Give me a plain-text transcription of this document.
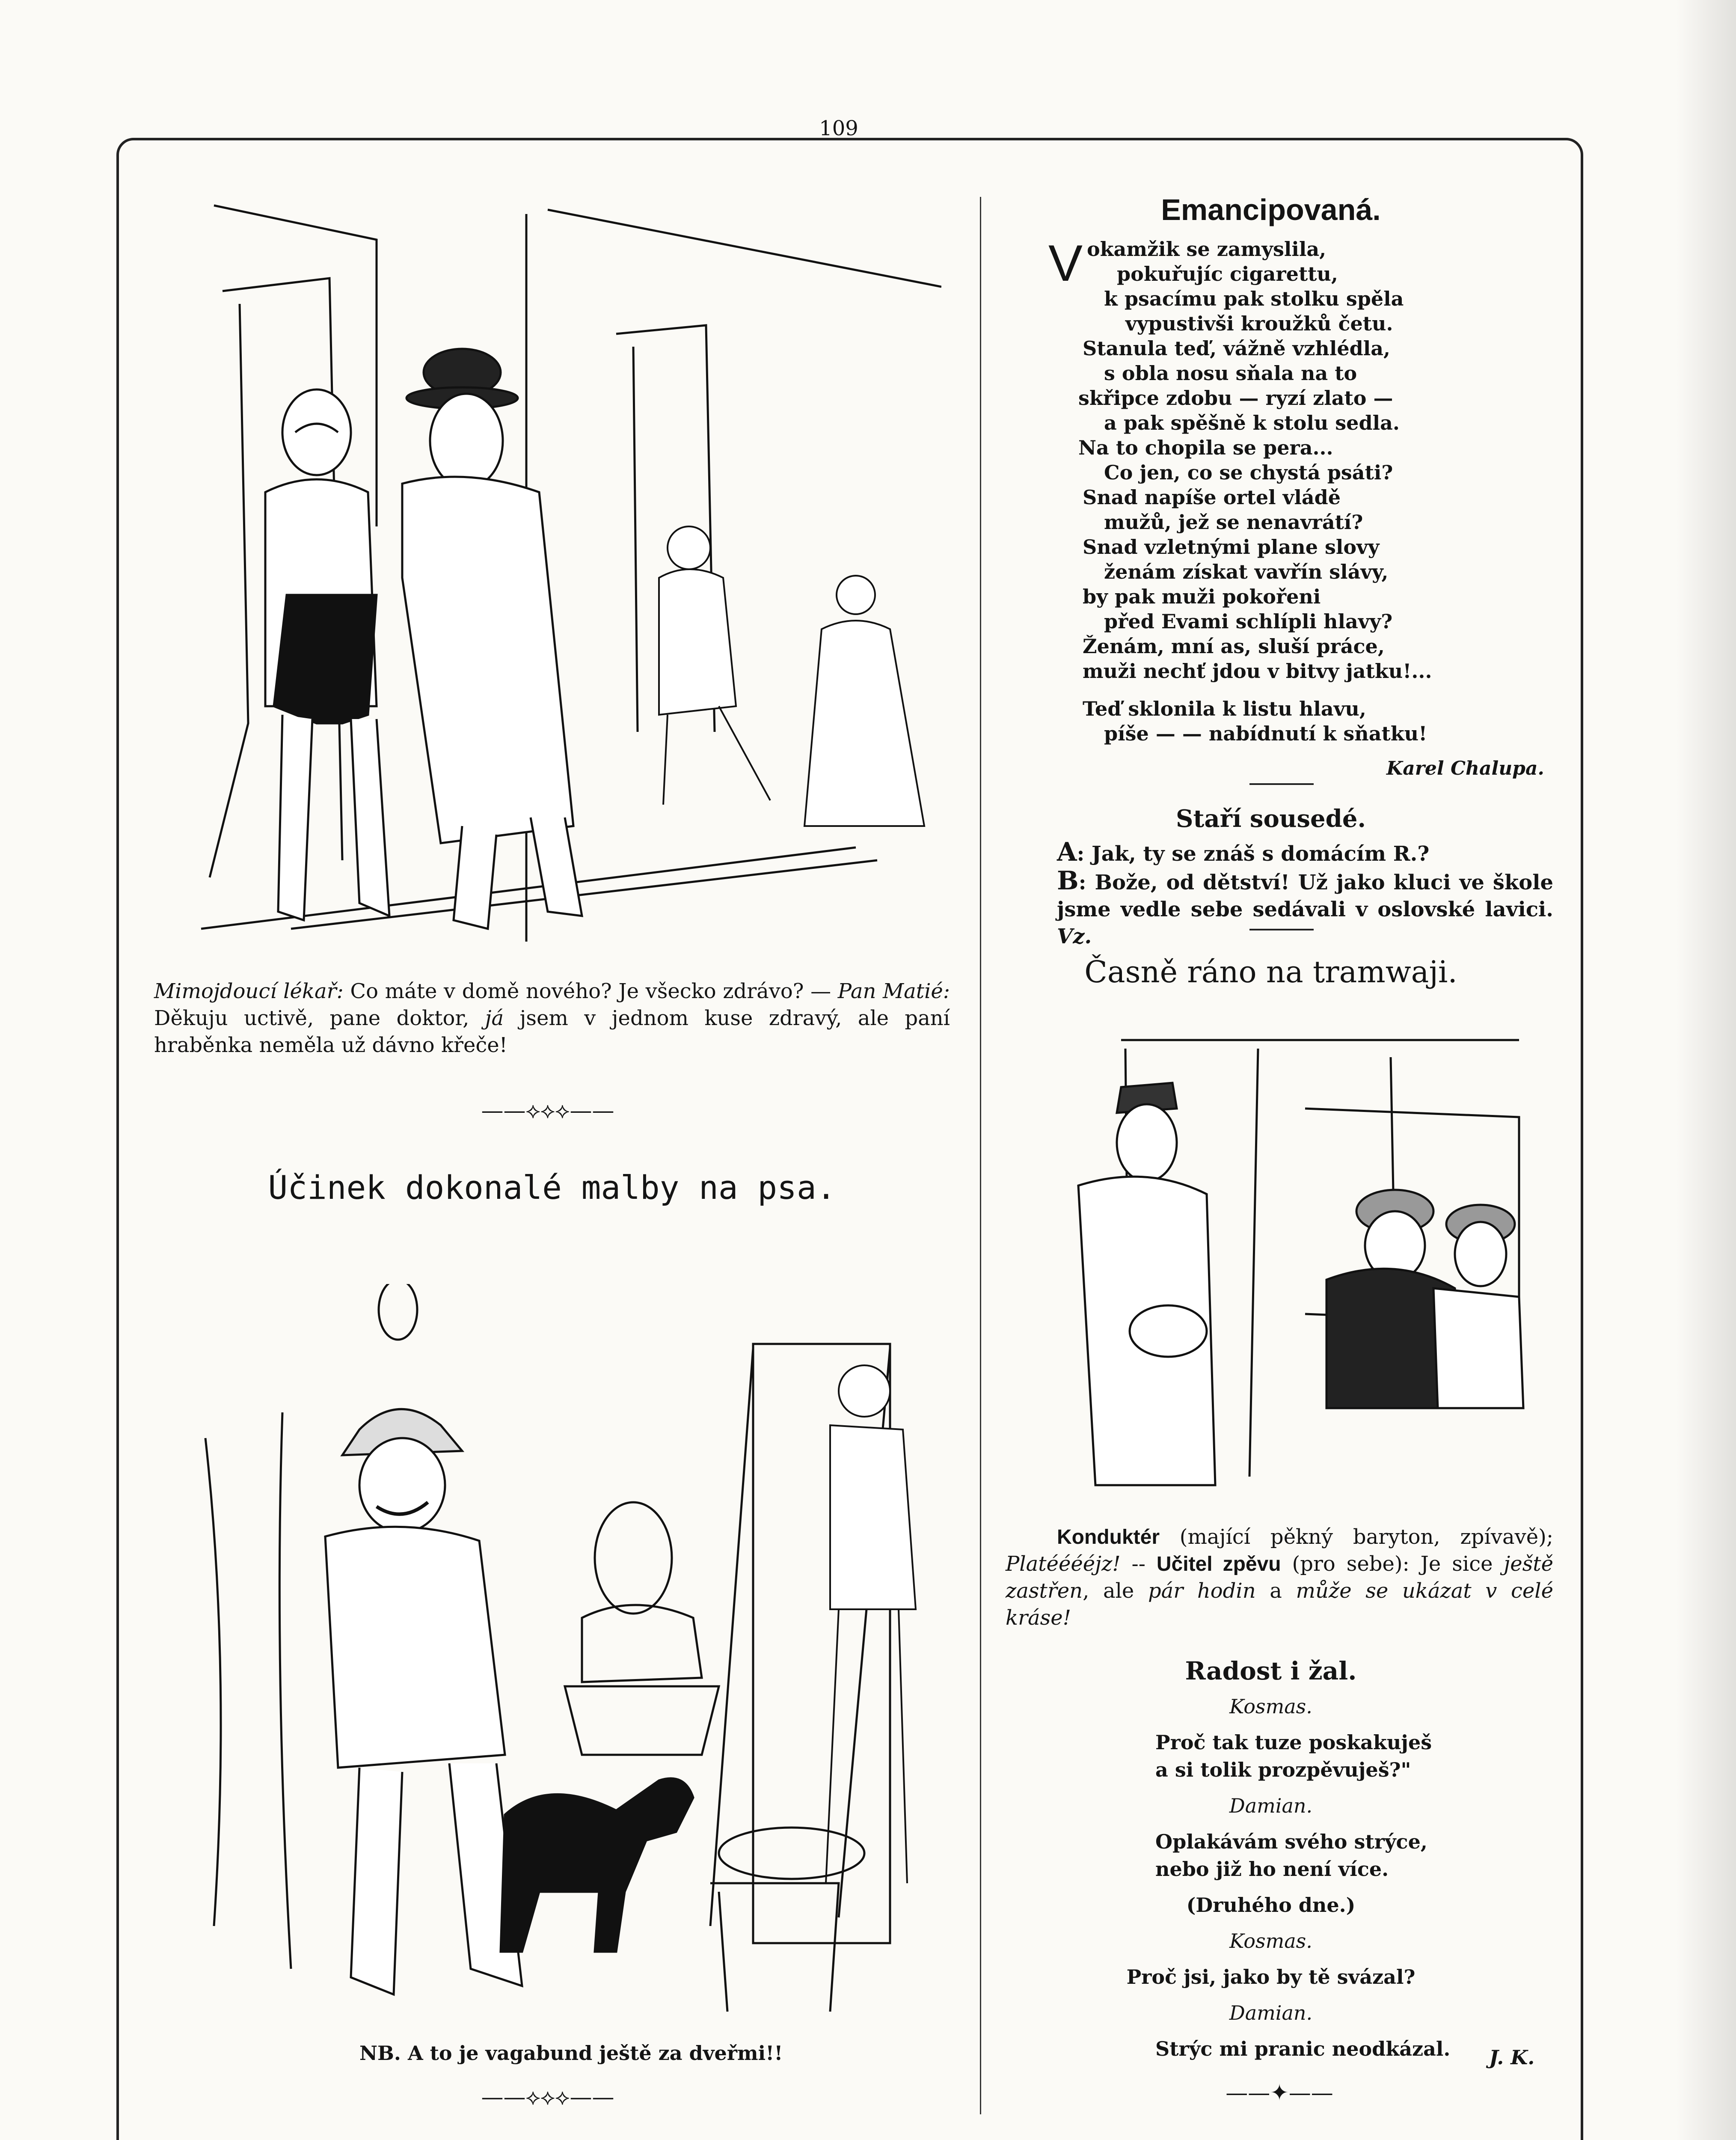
109
Mimojdoucí lékař: Co máte v domě nového? Je všecko zdrávo? — Pan Matié: Děkuju uctivě, pane doktor, já jsem v jednom kuse zdravý, ale paní hraběnka neměla už dávno křeče!
——⟡⟡⟡——
Účinek dokonalé malby na psa.
NB. A to je vagabund ještě za dveřmi!!
——⟡⟡⟡——
Emancipovaná.
V okamžik se zamyslila,
pokuřujíc cigarettu,
k psacímu pak stolku spěla
vypustivši kroužků četu.
Stanula teď, vážně vzhlédla,
s obla nosu sňala na to
skřipce zdobu — ryzí zlato —
a pak spěšně k stolu sedla.
Na to chopila se pera...
Co jen, co se chystá psáti?
Snad napíše ortel vládě
mužů, jež se nenavrátí?
Snad vzletnými plane slovy
ženám získat vavřín slávy,
by pak muži pokořeni
před Evami schlípli hlavy?
Ženám, mní as, sluší práce,
muži nechť jdou v bitvy jatku!...
Teď sklonila k listu hlavu,
píše — — nabídnutí k sňatku!
Karel Chalupa.
Staří sousedé.
A: Jak, ty se znáš s domácím R.?
B: Bože, od dětství! Už jako kluci ve škole jsme vedle sebe sedávali v oslovské lavici. Vz.
Časně ráno na tramwaji.
Konduktér (mající pěkný baryton, zpívavě); Platééééjz! -- Učitel zpěvu (pro sebe): Je sice ještě zastřen, ale pár hodin a může se ukázat v celé kráse!
Radost i žal.
Kosmas.
Proč tak tuze poskakuješ
a si tolik prozpěvuješ?"
Damian.
Oplakávám svého strýce,
nebo již ho není více.
(Druhého dne.)
Kosmas.
Proč jsi, jako by tě svázal?
Damian.
Strýc mi pranic neodkázal.	J. K.
——✦——
